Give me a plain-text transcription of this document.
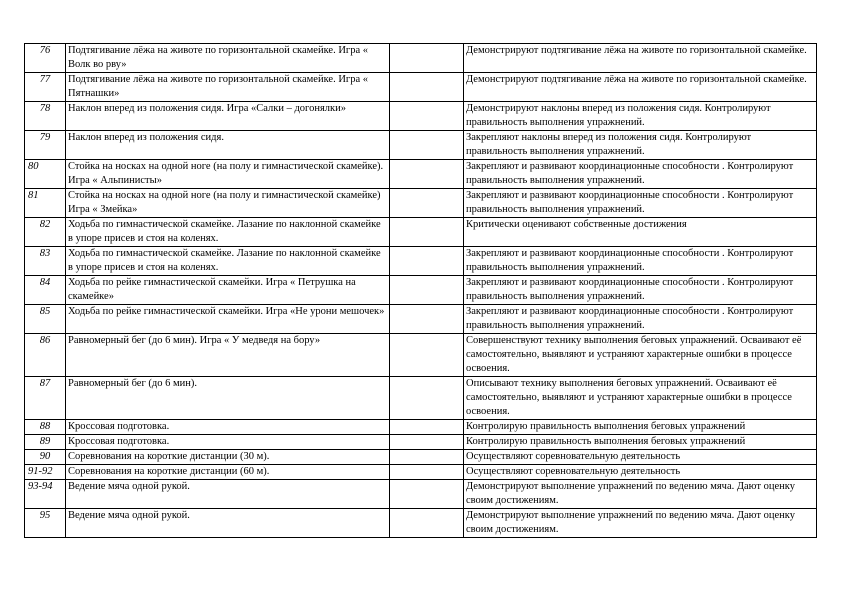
76	Подтягивание лёжа на животе по горизонтальной скамейке. Игра « Волк во рву»		Демонстрируют подтягивание лёжа на животе по горизонтальной скамейке.
77	Подтягивание лёжа на животе по горизонтальной скамейке. Игра « Пятнашки»		Демонстрируют подтягивание лёжа на животе по горизонтальной скамейке.
78	Наклон вперед из положения сидя. Игра «Салки – догонялки»		Демонстрируют наклоны вперед из положения сидя. Контролируют правильность выполнения упражнений.
79	Наклон вперед из положения сидя.		Закрепляют наклоны вперед из положения сидя. Контролируют правильность выполнения упражнений.
80	Стойка на носках на одной ноге (на полу и гимнастической скамейке). Игра « Альпинисты»		Закрепляют и развивают координационные способности . Контролируют правильность выполнения упражнений.
81	Стойка на носках на одной ноге (на полу и гимнастической скамейке) Игра « Змейка»		Закрепляют и развивают координационные способности . Контролируют правильность выполнения упражнений.
82	Ходьба по гимнастической скамейке. Лазание по наклонной скамейке в упоре присев и стоя на коленях.		Критически оценивают собственные достижения
83	Ходьба по гимнастической скамейке. Лазание по наклонной скамейке в упоре присев и стоя на коленях.		Закрепляют и развивают координационные способности . Контролируют правильность выполнения упражнений.
84	Ходьба по рейке гимнастической скамейки. Игра « Петрушка на скамейке»		Закрепляют и развивают координационные способности . Контролируют правильность выполнения упражнений.
85	Ходьба по рейке гимнастической скамейки. Игра «Не урони мешочек»		Закрепляют и развивают координационные способности . Контролируют правильность выполнения упражнений.
86	Равномерный бег (до 6 мин). Игра « У медведя на бору»		Совершенствуют технику выполнения беговых упражнений. Осваивают её самостоятельно, выявляют и устраняют характерные ошибки в процессе освоения.
87	Равномерный бег (до 6 мин).		Описывают технику выполнения беговых упражнений. Осваивают её самостоятельно, выявляют и устраняют характерные ошибки в процессе освоения.
88	Кроссовая подготовка.		Контролирую правильность выполнения беговых упражнений
89	Кроссовая подготовка.		Контролирую правильность выполнения беговых упражнений
90	Соревнования на короткие дистанции (30 м).		Осуществляют соревновательную деятельность
91-92	Соревнования на короткие дистанции (60 м).		Осуществляют соревновательную деятельность
93-94	Ведение мяча одной рукой.		Демонстрируют выполнение упражнений по ведению мяча. Дают оценку своим достижениям.
95	Ведение мяча одной рукой.		Демонстрируют выполнение упражнений по ведению мяча. Дают оценку своим достижениям.
